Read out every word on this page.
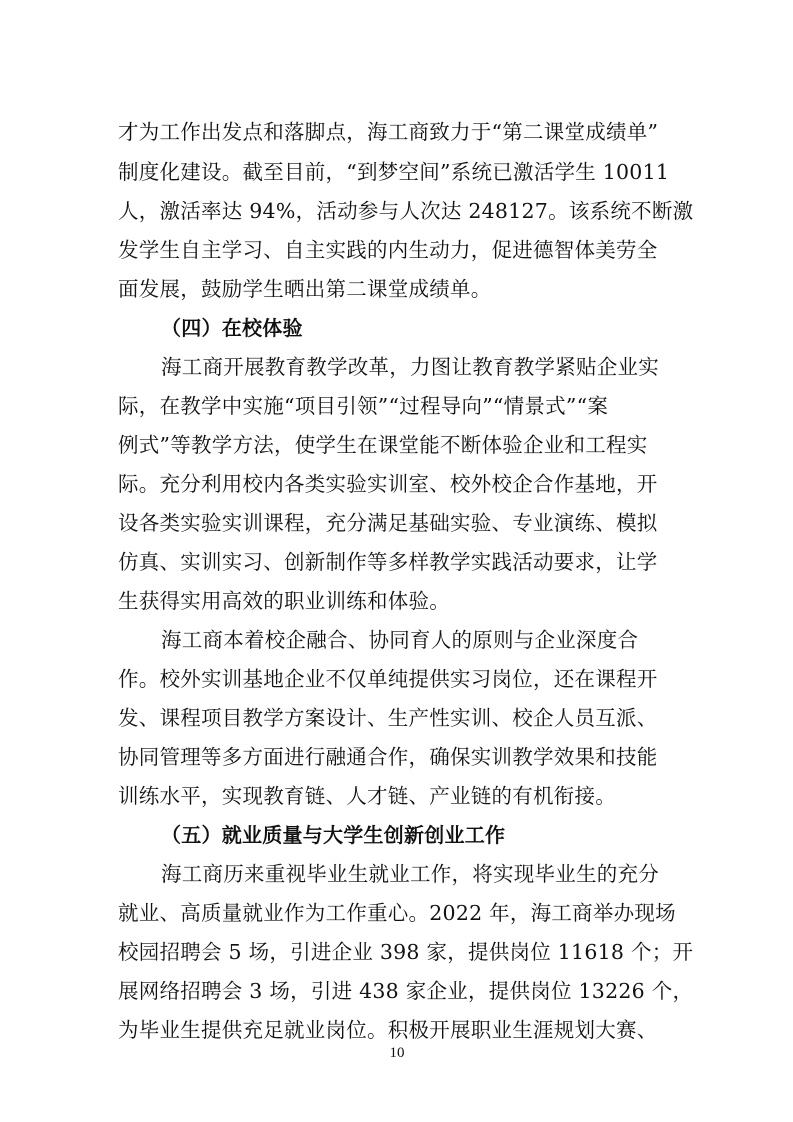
才为工作出发点和落脚点，海工商致力于“第二课堂成绩单”
制度化建设。截至目前，“到梦空间”系统已激活学生 10011
人，激活率达 94%，活动参与人次达 248127。该系统不断激
发学生自主学习、自主实践的内生动力，促进德智体美劳全
面发展，鼓励学生晒出第二课堂成绩单。
（四）在校体验
海工商开展教育教学改革，力图让教育教学紧贴企业实
际，在教学中实施“项目引领”“过程导向”“情景式”“案
例式”等教学方法，使学生在课堂能不断体验企业和工程实
际。充分利用校内各类实验实训室、校外校企合作基地，开
设各类实验实训课程，充分满足基础实验、专业演练、模拟
仿真、实训实习、创新制作等多样教学实践活动要求，让学
生获得实用高效的职业训练和体验。
海工商本着校企融合、协同育人的原则与企业深度合
作。校外实训基地企业不仅单纯提供实习岗位，还在课程开
发、课程项目教学方案设计、生产性实训、校企人员互派、
协同管理等多方面进行融通合作，确保实训教学效果和技能
训练水平，实现教育链、人才链、产业链的有机衔接。
（五）就业质量与大学生创新创业工作
海工商历来重视毕业生就业工作，将实现毕业生的充分
就业、高质量就业作为工作重心。2022 年，海工商举办现场
校园招聘会 5 场，引进企业 398 家，提供岗位 11618 个；开
展网络招聘会 3 场，引进 438 家企业，提供岗位 13226 个，
为毕业生提供充足就业岗位。积极开展职业生涯规划大赛、
10
